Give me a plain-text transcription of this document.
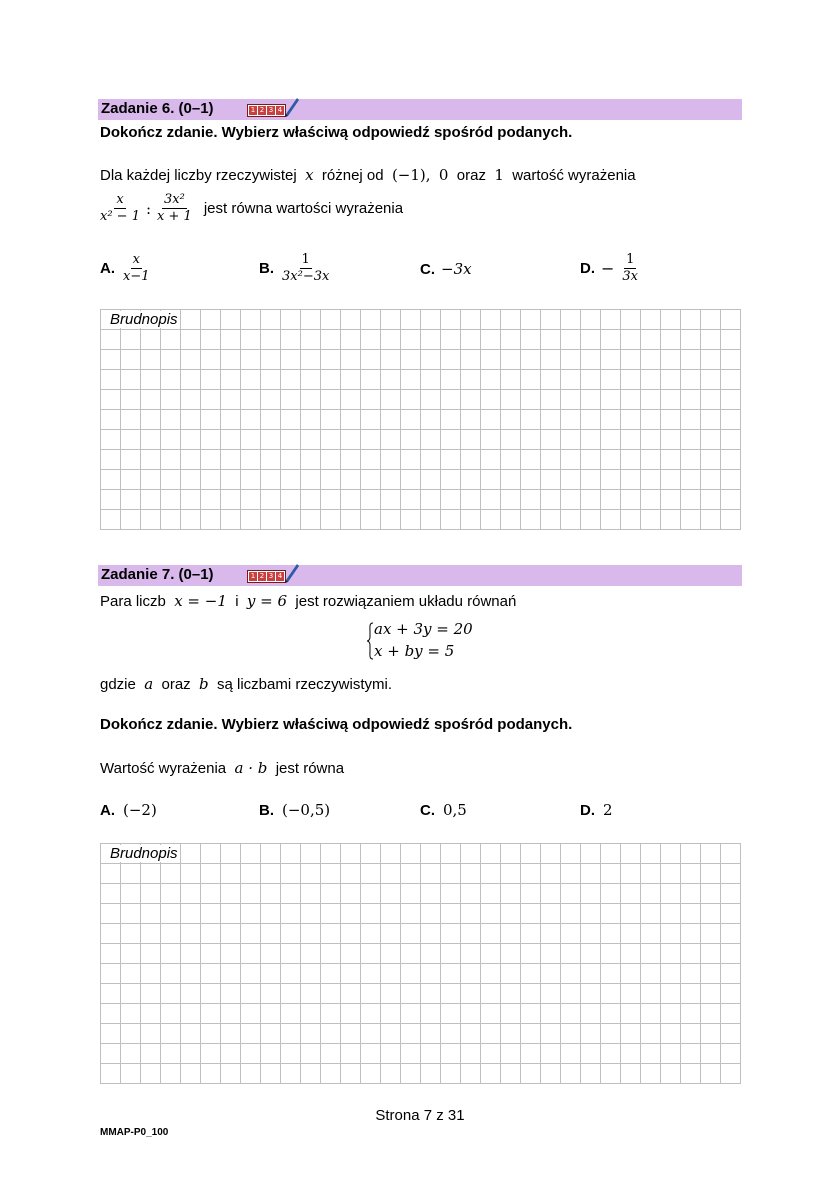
Zadanie 6. (0–1)	1 2 3 4
Dokończ zdanie. Wybierz właściwą odpowiedź spośród podanych.
Dla każdej liczby rzeczywistej x różnej od (−1), 0 oraz 1 wartość wyrażenia
$\frac{x}{\text{x² − 1}}$ : $\frac{\text{3x²}}{x + 1}$ jest równa wartości wyrażenia
A. $\frac{x}{x-1}$	B. $\frac{1}{\text{3x²−3x}}$	C. −3x	D. − $\frac{1}{3x}$
Brudnopis
Zadanie 7. (0–1)	1 2 3 4
Para liczb x = −1 i y = 6 jest rozwiązaniem układu równań
ax + 3y = 20
x + by = 5
gdzie a oraz b są liczbami rzeczywistymi.
Dokończ zdanie. Wybierz właściwą odpowiedź spośród podanych.
Wartość wyrażenia a · b jest równa
A. (−2)	B. (−0,5)	C. 0,5	D. 2
Brudnopis
Strona 7 z 31
MMAP-P0_100
